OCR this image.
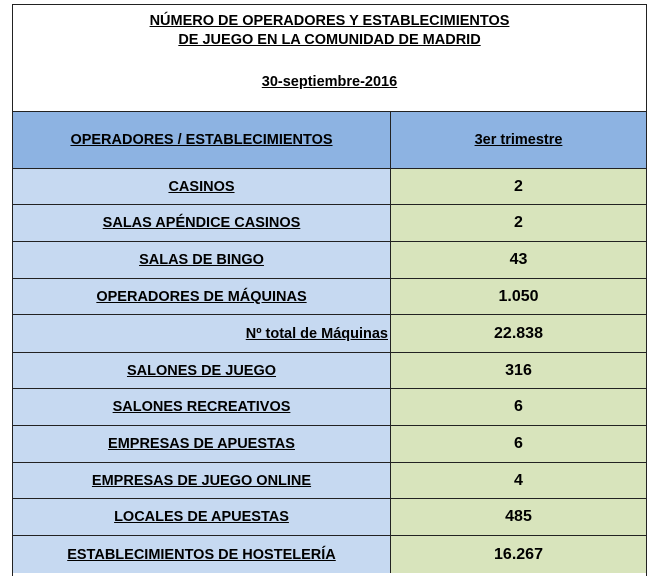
NÚMERO DE OPERADORES Y ESTABLECIMIENTOS
DE JUEGO EN LA COMUNIDAD DE MADRID
30-septiembre-2016
OPERADORES / ESTABLECIMIENTOS	3er trimestre
CASINOS	2
SALAS APÉNDICE CASINOS	2
SALAS DE BINGO	43
OPERADORES DE MÁQUINAS	1.050
Nº total de Máquinas	22.838
SALONES DE JUEGO	316
SALONES RECREATIVOS	6
EMPRESAS DE APUESTAS	6
EMPRESAS DE JUEGO ONLINE	4
LOCALES DE APUESTAS	485
ESTABLECIMIENTOS DE HOSTELERÍA	16.267
